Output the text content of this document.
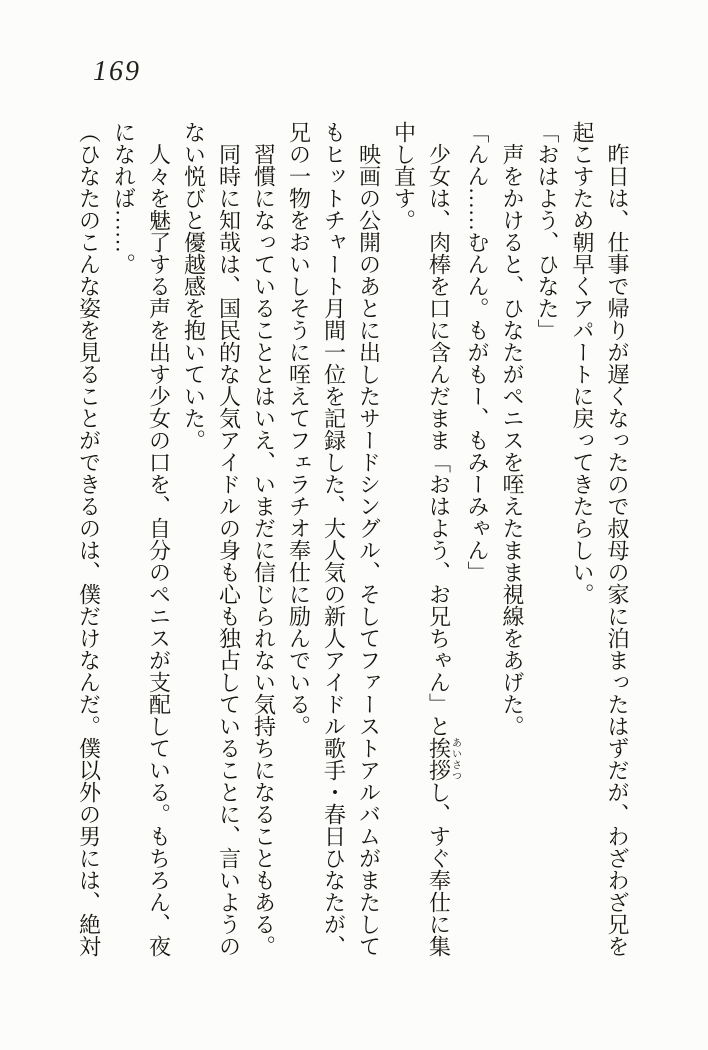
169

昨日は、仕事で帰りが遅くなったので叔母の家に泊まったはずだが、わざわざ兄を起こすため朝早くアパートに戻ってきたらしい。

「おはよう、ひなた」

声をかけると、ひなたがペニスを咥えたまま視線をあげた。

「んん……むんん。もがもー、もみーみゃん」

少女は、肉棒を口に含んだまま「おはよう、お兄ちゃん」と挨拶あいさつし、すぐ奉仕に集中し直す。

映画の公開のあとに出したサードシングル、そしてファーストアルバムがまたしてもヒットチャート月間一位を記録した、大人気の新人アイドル歌手・春日ひなたが、兄の一物をおいしそうに咥えてフェラチオ奉仕に励んでいる。

習慣になっていることとはいえ、いまだに信じられない気持ちになることもある。

同時に知哉は、国民的な人気アイドルの身も心も独占していることに、言いようのない悦びと優越感を抱いていた。

人々を魅了する声を出す少女の口を、自分のペニスが支配している。もちろん、夜になれば……。

（ひなたのこんな姿を見ることができるのは、僕だけなんだ。僕以外の男には、絶対
